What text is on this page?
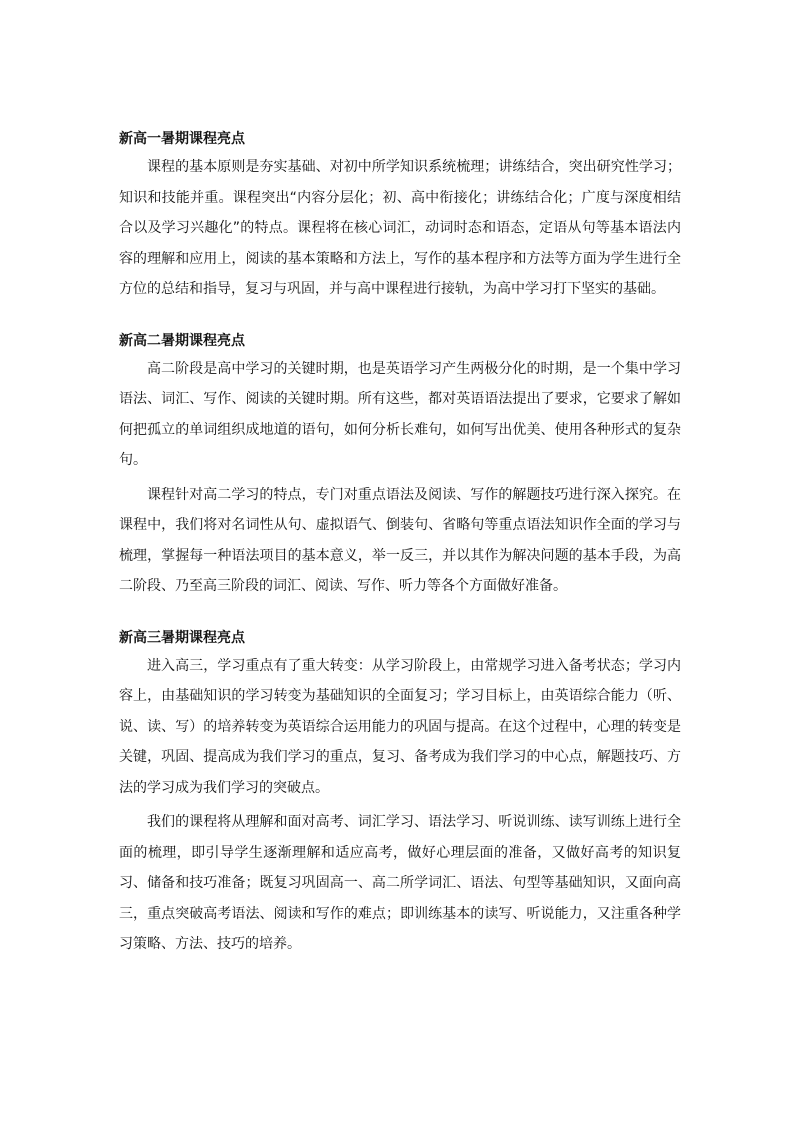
新高一暑期课程亮点

课程的基本原则是夯实基础、对初中所学知识系统梳理；讲练结合，突出研究性学习；知识和技能并重。课程突出“内容分层化；初、高中衔接化；讲练结合化；广度与深度相结合以及学习兴趣化”的特点。课程将在核心词汇，动词时态和语态，定语从句等基本语法内容的理解和应用上，阅读的基本策略和方法上，写作的基本程序和方法等方面为学生进行全方位的总结和指导，复习与巩固，并与高中课程进行接轨，为高中学习打下坚实的基础。

新高二暑期课程亮点

高二阶段是高中学习的关键时期，也是英语学习产生两极分化的时期，是一个集中学习语法、词汇、写作、阅读的关键时期。所有这些，都对英语语法提出了要求，它要求了解如何把孤立的单词组织成地道的语句，如何分析长难句，如何写出优美、使用各种形式的复杂句。

课程针对高二学习的特点，专门对重点语法及阅读、写作的解题技巧进行深入探究。在课程中，我们将对名词性从句、虚拟语气、倒装句、省略句等重点语法知识作全面的学习与梳理，掌握每一种语法项目的基本意义，举一反三，并以其作为解决问题的基本手段，为高二阶段、乃至高三阶段的词汇、阅读、写作、听力等各个方面做好准备。

新高三暑期课程亮点

进入高三，学习重点有了重大转变：从学习阶段上，由常规学习进入备考状态；学习内容上，由基础知识的学习转变为基础知识的全面复习；学习目标上，由英语综合能力（听、说、读、写）的培养转变为英语综合运用能力的巩固与提高。在这个过程中，心理的转变是关键，巩固、提高成为我们学习的重点，复习、备考成为我们学习的中心点，解题技巧、方法的学习成为我们学习的突破点。

我们的课程将从理解和面对高考、词汇学习、语法学习、听说训练、读写训练上进行全面的梳理，即引导学生逐渐理解和适应高考，做好心理层面的准备，又做好高考的知识复习、储备和技巧准备；既复习巩固高一、高二所学词汇、语法、句型等基础知识，又面向高三，重点突破高考语法、阅读和写作的难点；即训练基本的读写、听说能力，又注重各种学习策略、方法、技巧的培养。
